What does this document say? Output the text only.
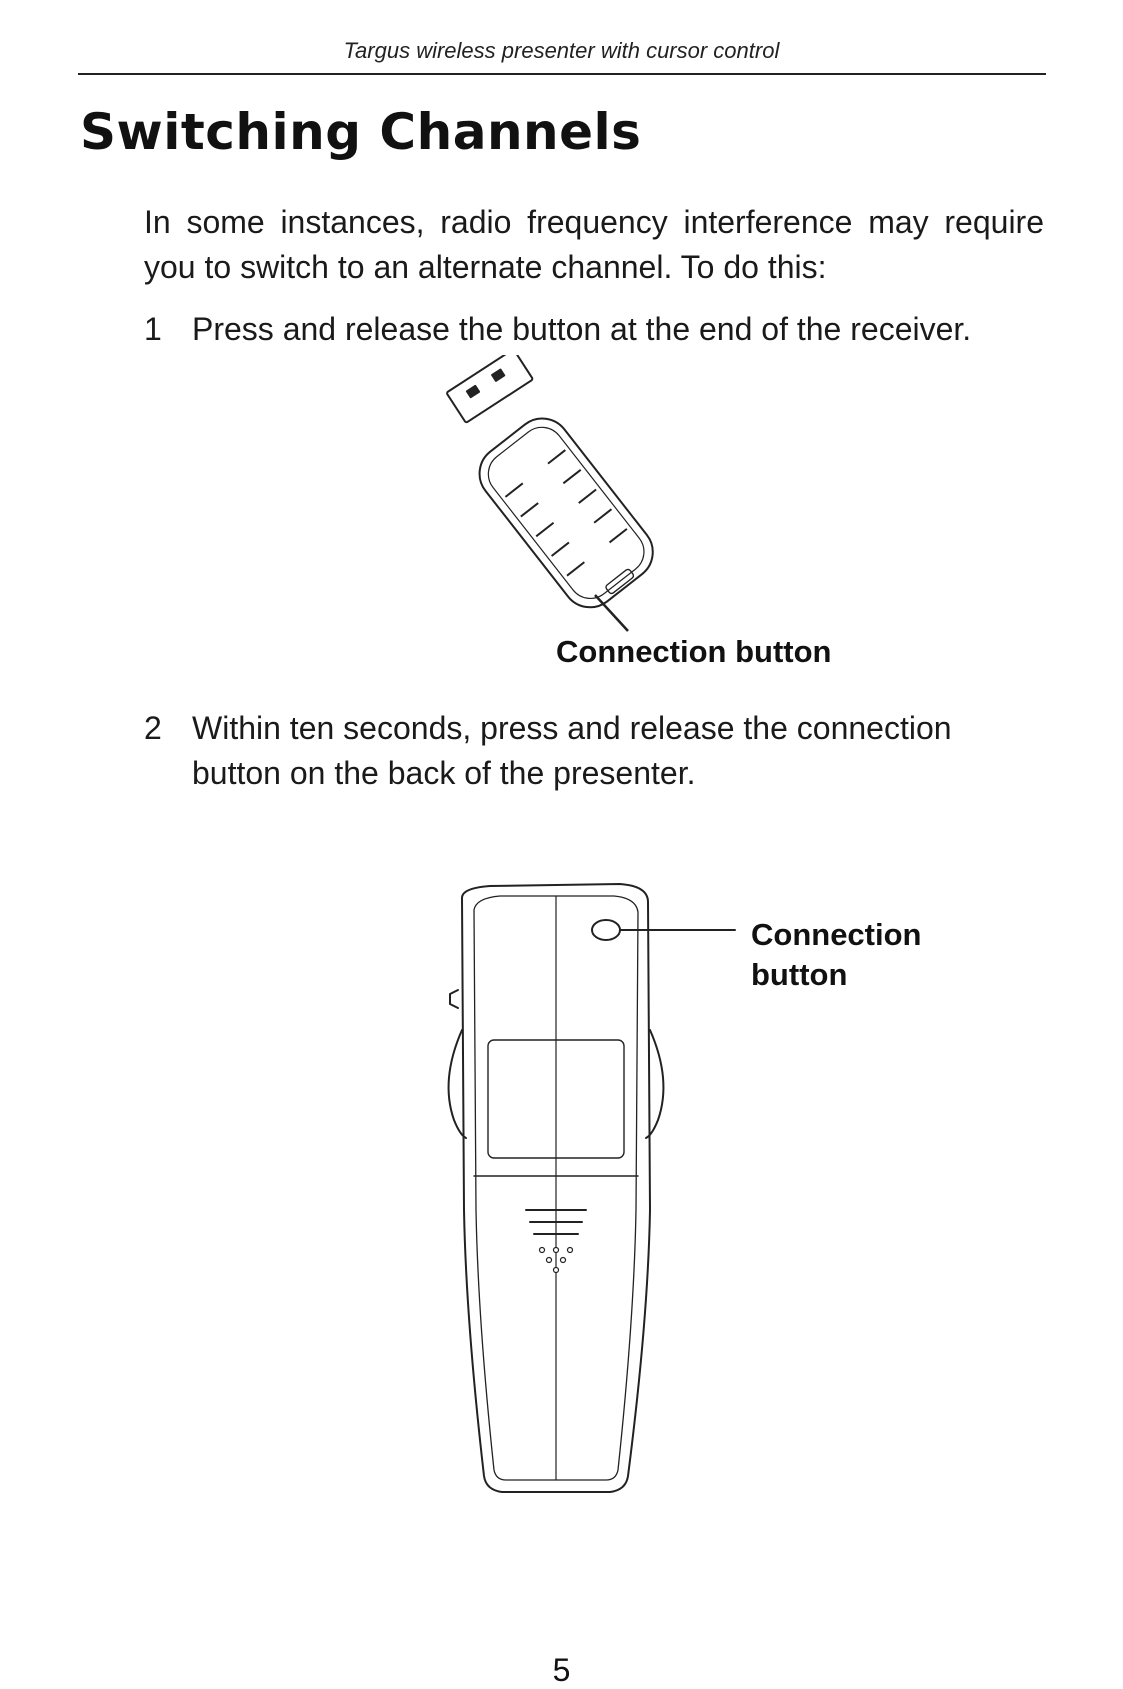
Targus wireless presenter with cursor control
Switching Channels

In some instances, radio frequency interference may require you to switch to an alternate channel. To do this:

1 Press and release the button at the end of the receiver.
Connection button
2 Within ten seconds, press and release the connection button on the back of the presenter.
Connection
button
5
